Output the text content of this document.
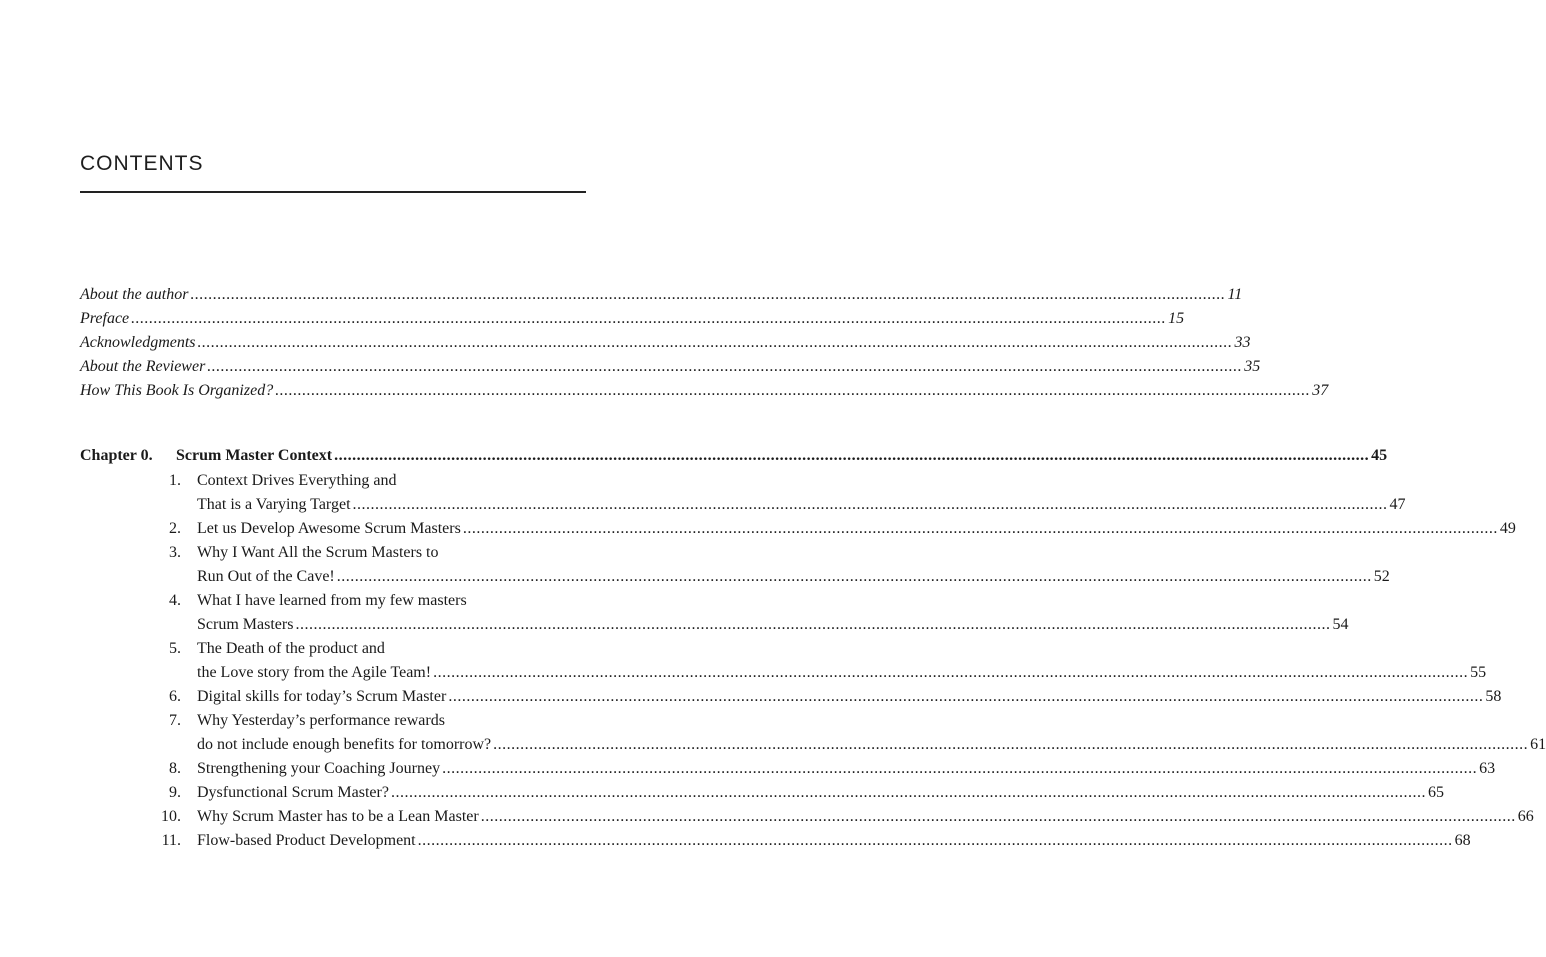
CONTENTS
About the author .....	11
Preface .....	15
Acknowledgments .....	33
About the Reviewer .....	35
How This Book Is Organized? .....	37
Chapter 0.	Scrum Master Context .....	45
1.	Context Drives Everything and
That is a Varying Target .....	47
2.	Let us Develop Awesome Scrum Masters .....	49
3.	Why I Want All the Scrum Masters to
Run Out of the Cave! .....	52
4.	What I have learned from my few masters
Scrum Masters .....	54
5.	The Death of the product and
the Love story from the Agile Team! .....	55
6.	Digital skills for today’s Scrum Master .....	58
7.	Why Yesterday’s performance rewards
do not include enough benefits for tomorrow? .....	61
8.	Strengthening your Coaching Journey .....	63
9.	Dysfunctional Scrum Master? .....	65
10.	Why Scrum Master has to be a Lean Master .....	66
11.	Flow-based Product Development .....	68
